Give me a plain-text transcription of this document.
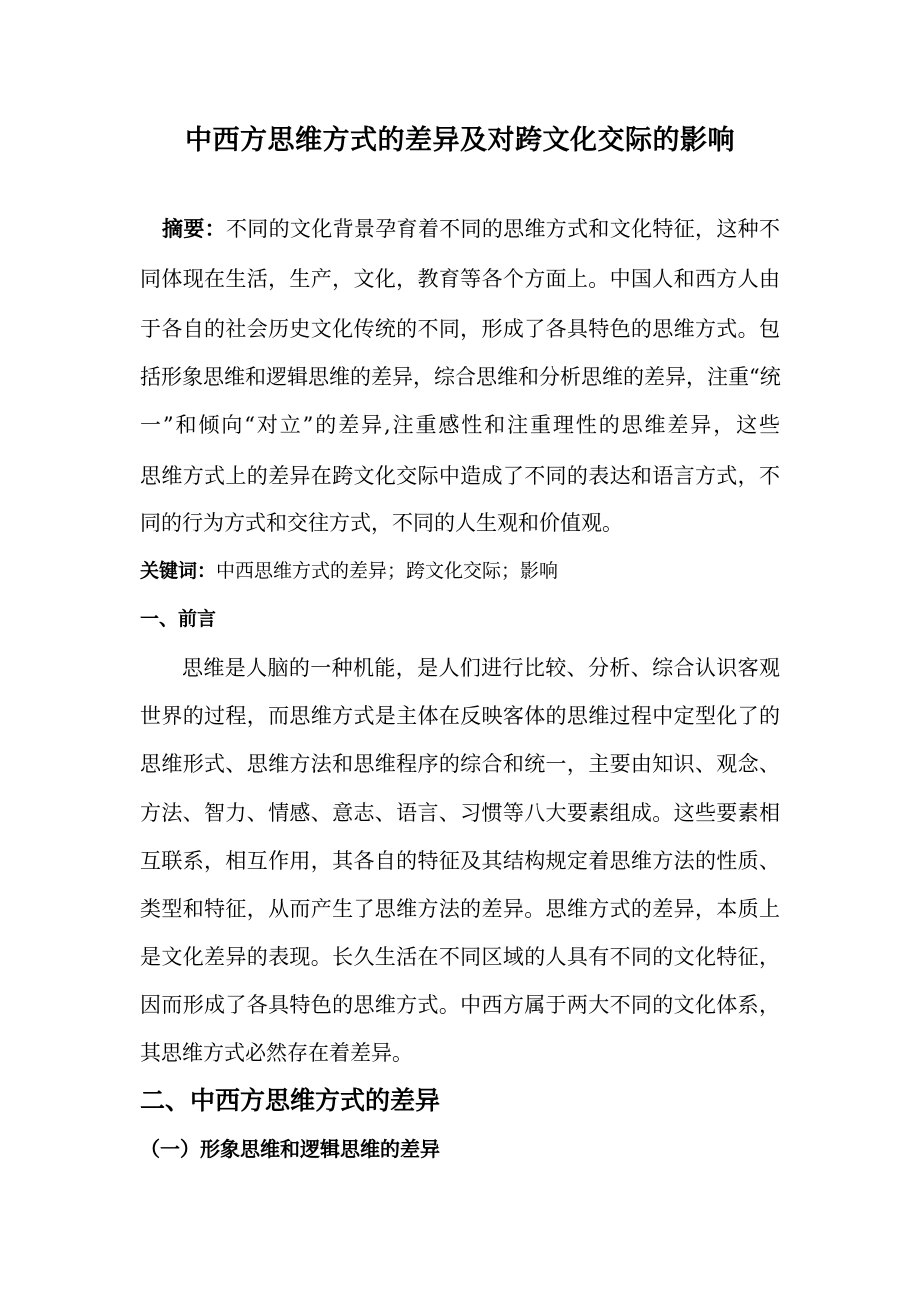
中西方思维方式的差异及对跨文化交际的影响
摘要：不同的文化背景孕育着不同的思维方式和文化特征，这种不
同体现在生活，生产，文化，教育等各个方面上。中国人和西方人由
于各自的社会历史文化传统的不同，形成了各具特色的思维方式。包
括形象思维和逻辑思维的差异，综合思维和分析思维的差异，注重“统
一”和倾向“对立”的差异,注重感性和注重理性的思维差异，这些
思维方式上的差异在跨文化交际中造成了不同的表达和语言方式，不
同的行为方式和交往方式，不同的人生观和价值观。
关键词：中西思维方式的差异；跨文化交际；影响
一、前言
思维是人脑的一种机能，是人们进行比较、分析、综合认识客观
世界的过程，而思维方式是主体在反映客体的思维过程中定型化了的
思维形式、思维方法和思维程序的综合和统一，主要由知识、观念、
方法、智力、情感、意志、语言、习惯等八大要素组成。这些要素相
互联系，相互作用，其各自的特征及其结构规定着思维方法的性质、
类型和特征，从而产生了思维方法的差异。思维方式的差异，本质上
是文化差异的表现。长久生活在不同区域的人具有不同的文化特征，
因而形成了各具特色的思维方式。中西方属于两大不同的文化体系，
其思维方式必然存在着差异。
二、中西方思维方式的差异
（一）形象思维和逻辑思维的差异
